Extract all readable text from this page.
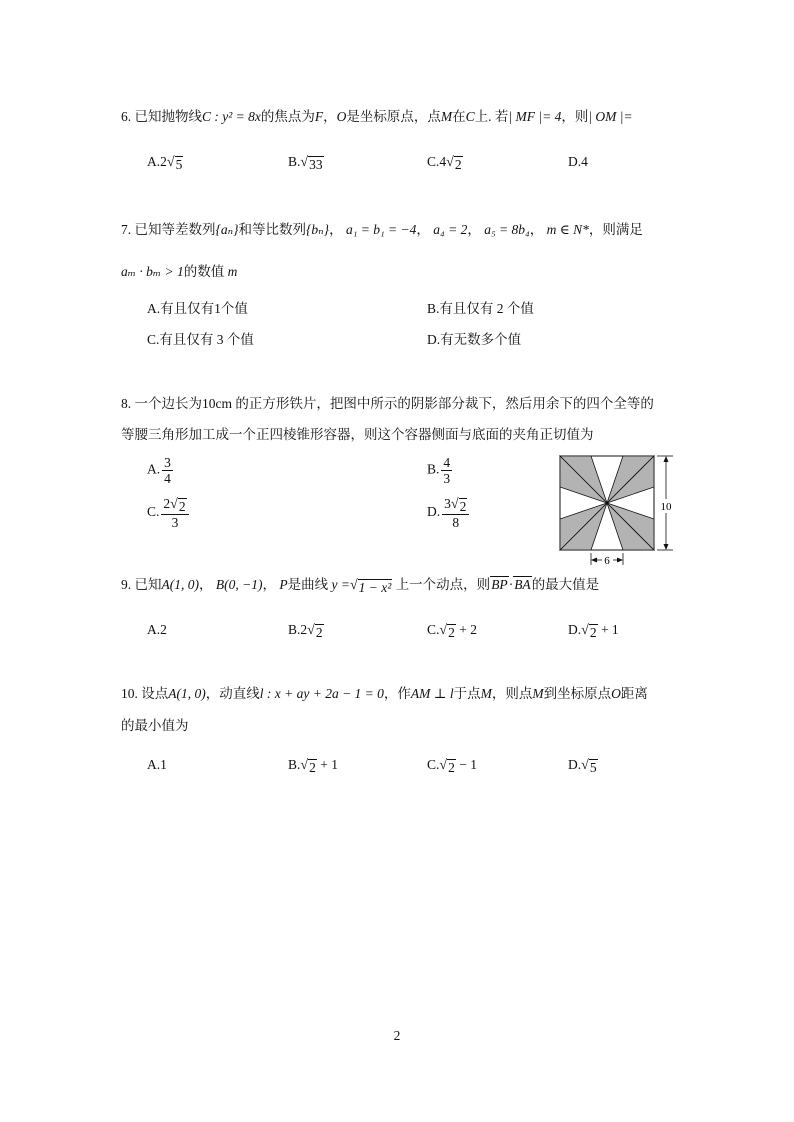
6. 已知抛物线C : y² = 8x的焦点为F，O是坐标原点，点M在C上. 若| MF |= 4，则| OM |=
A.2 √ 5	B. √ 33	C.4 √ 2	D.4
7. 已知等差数列{aₙ}和等比数列{bₙ}， a₁ = b₁ = −4， a₄ = 2， a₅ = 8b₄， m ∈ N*，则满足
aₘ · bₘ > 1的数值 m
A.有且仅有1个值	B.有且仅有 2 个值
C.有且仅有 3 个值	D.有无数多个值
8. 一个边长为10cm 的正方形铁片，把图中所示的阴影部分裁下，然后用余下的四个全等的
等腰三角形加工成一个正四棱锥形容器，则这个容器侧面与底面的夹角正切值为
A. $\frac{3}{4}$	B. $\frac{4}{3}$
C. $\frac{2 √ 2}{3}$	D. $\frac{3 √ 2}{8}$	10
6
9. 已知A(1, 0)， B(0, −1)， P是曲线 y = √ 1 − x² 上一个动点，则BP·BA的最大值是
A.2	B.2 √ 2	C. √ 2 + 2	D. √ 2 + 1
10. 设点A(1, 0)，动直线l : x + ay + 2a − 1 = 0，作AM ⊥ l于点M，则点M到坐标原点O距离
的最小值为
A.1	B. √ 2 + 1	C. √ 2 − 1	D. √ 5
2
